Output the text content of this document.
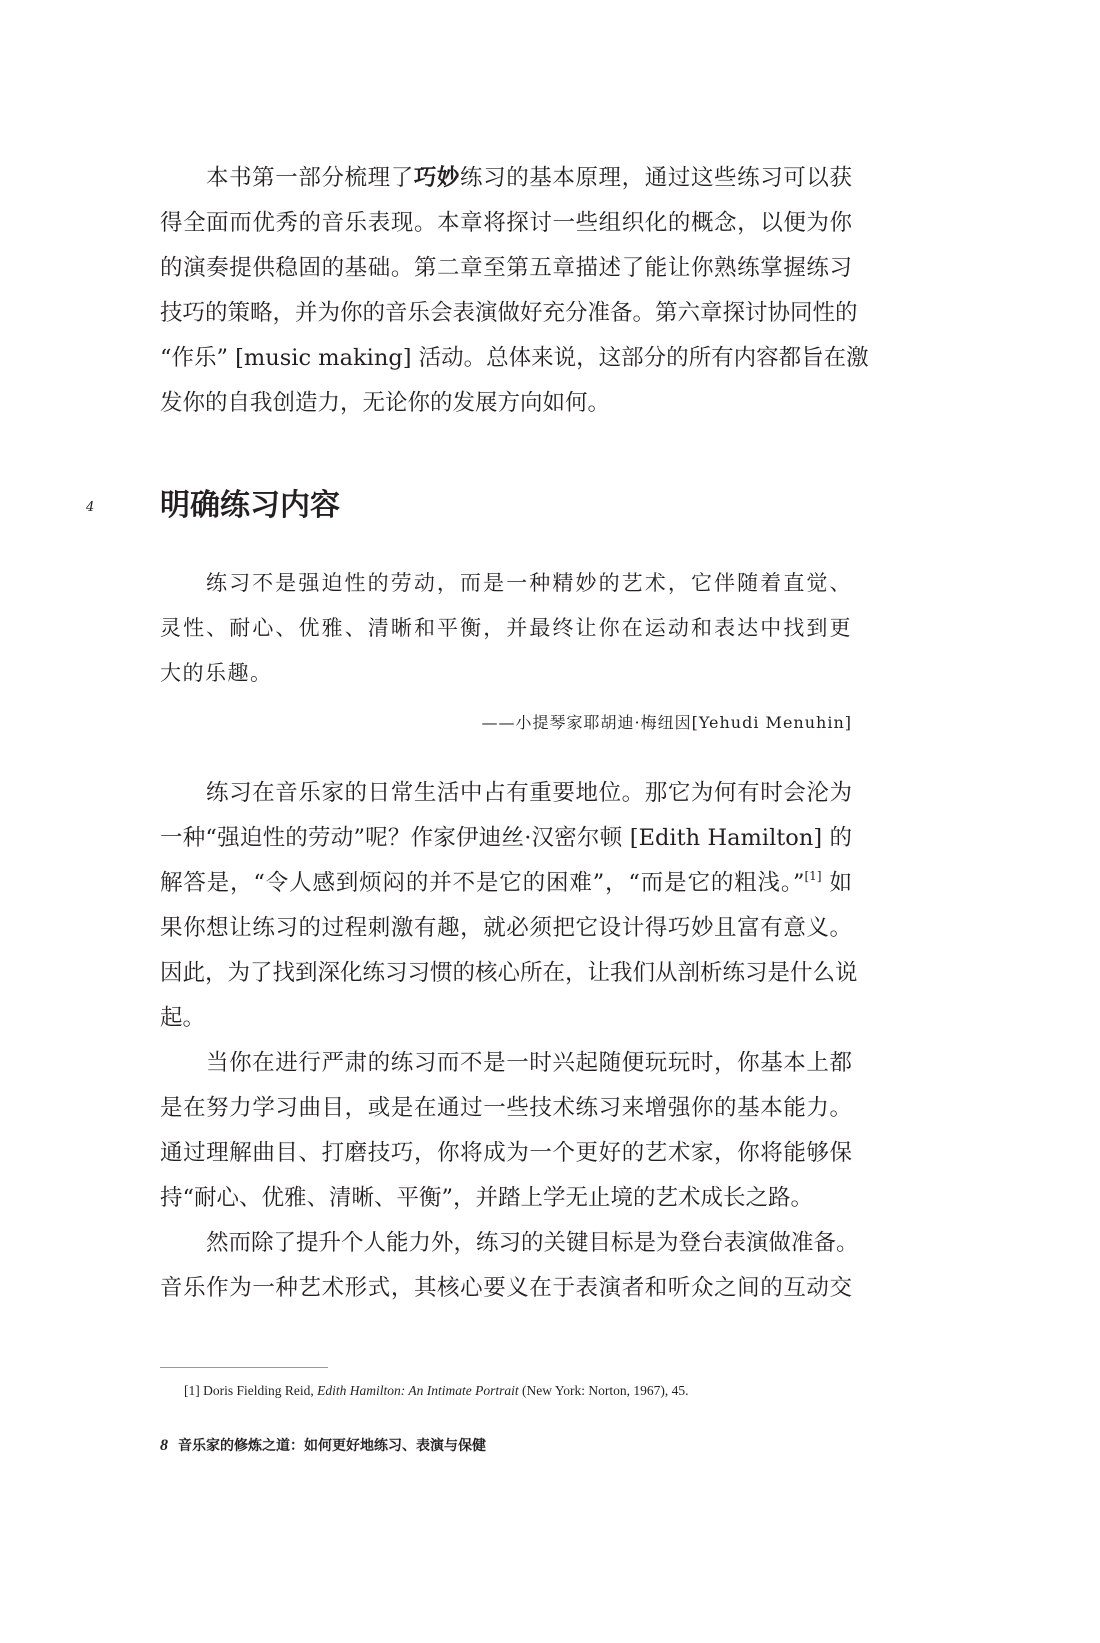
本书第一部分梳理了巧妙练习的基本原理，通过这些练习可以获
得全面而优秀的音乐表现。本章将探讨一些组织化的概念，以便为你
的演奏提供稳固的基础。第二章至第五章描述了能让你熟练掌握练习
技巧的策略，并为你的音乐会表演做好充分准备。第六章探讨协同性的
“作乐” [music making] 活动。总体来说，这部分的所有内容都旨在激
发你的自我创造力，无论你的发展方向如何。
4 明确练习内容
练习不是强迫性的劳动，而是一种精妙的艺术，它伴随着直觉、
灵性、耐心、优雅、清晰和平衡，并最终让你在运动和表达中找到更
大的乐趣。
——小提琴家耶胡迪·梅纽因[Yehudi Menuhin]
练习在音乐家的日常生活中占有重要地位。那它为何有时会沦为
一种“强迫性的劳动”呢？作家伊迪丝·汉密尔顿 [Edith Hamilton] 的
解答是，“令人感到烦闷的并不是它的困难”，“而是它的粗浅。”[1] 如
果你想让练习的过程刺激有趣，就必须把它设计得巧妙且富有意义。
因此，为了找到深化练习习惯的核心所在，让我们从剖析练习是什么说
起。
当你在进行严肃的练习而不是一时兴起随便玩玩时，你基本上都
是在努力学习曲目，或是在通过一些技术练习来增强你的基本能力。
通过理解曲目、打磨技巧，你将成为一个更好的艺术家，你将能够保
持“耐心、优雅、清晰、平衡”，并踏上学无止境的艺术成长之路。
然而除了提升个人能力外，练习的关键目标是为登台表演做准备。
音乐作为一种艺术形式，其核心要义在于表演者和听众之间的互动交
[1] Doris Fielding Reid, Edith Hamilton: An Intimate Portrait (New York: Norton, 1967), 45.
8 音乐家的修炼之道：如何更好地练习、表演与保健
